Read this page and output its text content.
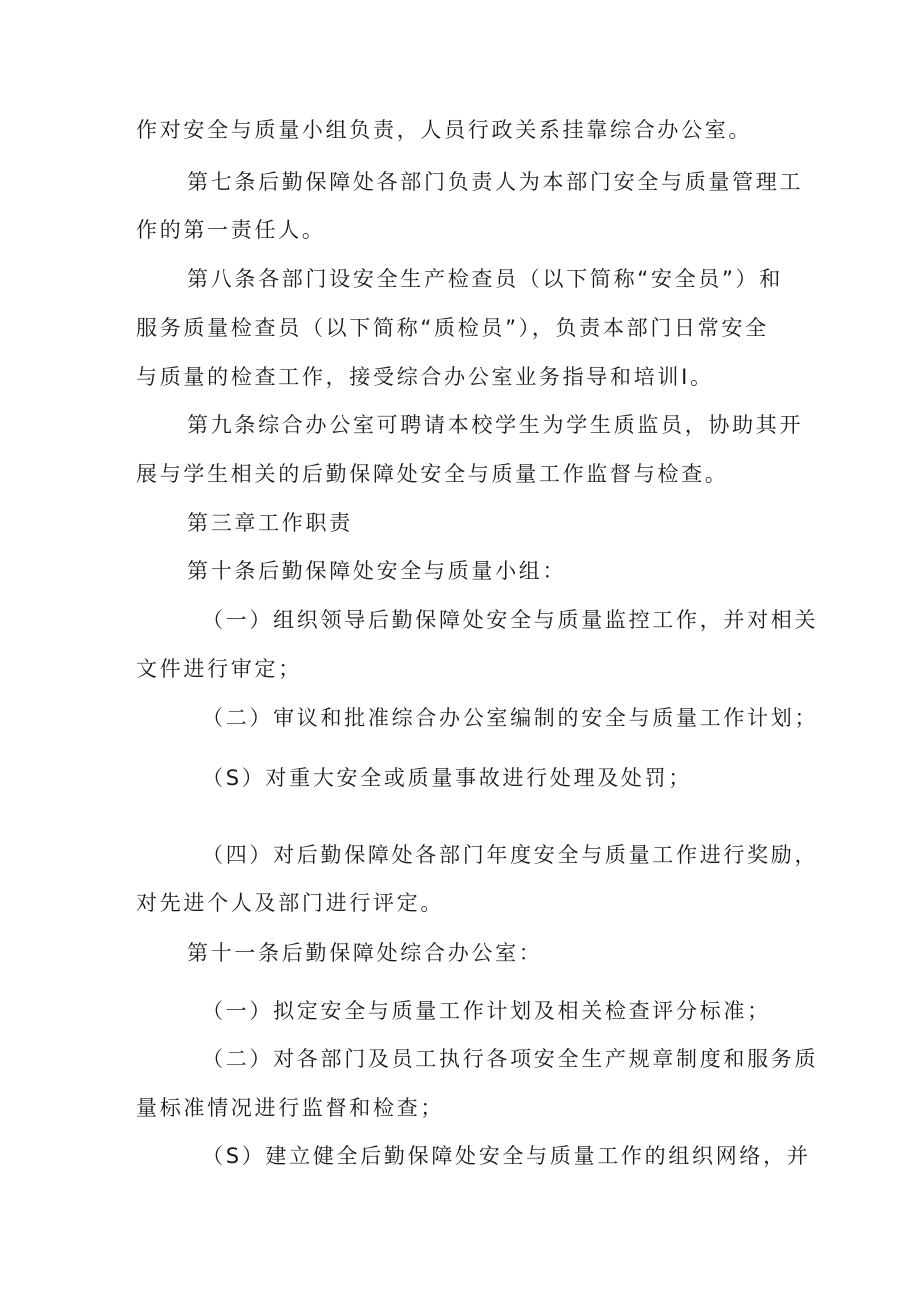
作对安全与质量小组负责，人员行政关系挂靠综合办公室。
第七条后勤保障处各部门负责人为本部门安全与质量管理工
作的第一责任人。
第八条各部门设安全生产检查员（以下简称“安全员”）和
服务质量检查员（以下简称“质检员”），负责本部门日常安全
与质量的检查工作，接受综合办公室业务指导和培训I。
第九条综合办公室可聘请本校学生为学生质监员，协助其开
展与学生相关的后勤保障处安全与质量工作监督与检查。
第三章工作职责
第十条后勤保障处安全与质量小组：
（一）组织领导后勤保障处安全与质量监控工作，并对相关
文件进行审定；
（二）审议和批准综合办公室编制的安全与质量工作计划；
（S）对重大安全或质量事故进行处理及处罚；
（四）对后勤保障处各部门年度安全与质量工作进行奖励，
对先进个人及部门进行评定。
第十一条后勤保障处综合办公室：
（一）拟定安全与质量工作计划及相关检查评分标准；
（二）对各部门及员工执行各项安全生产规章制度和服务质
量标准情况进行监督和检查；
（S）建立健全后勤保障处安全与质量工作的组织网络，并
